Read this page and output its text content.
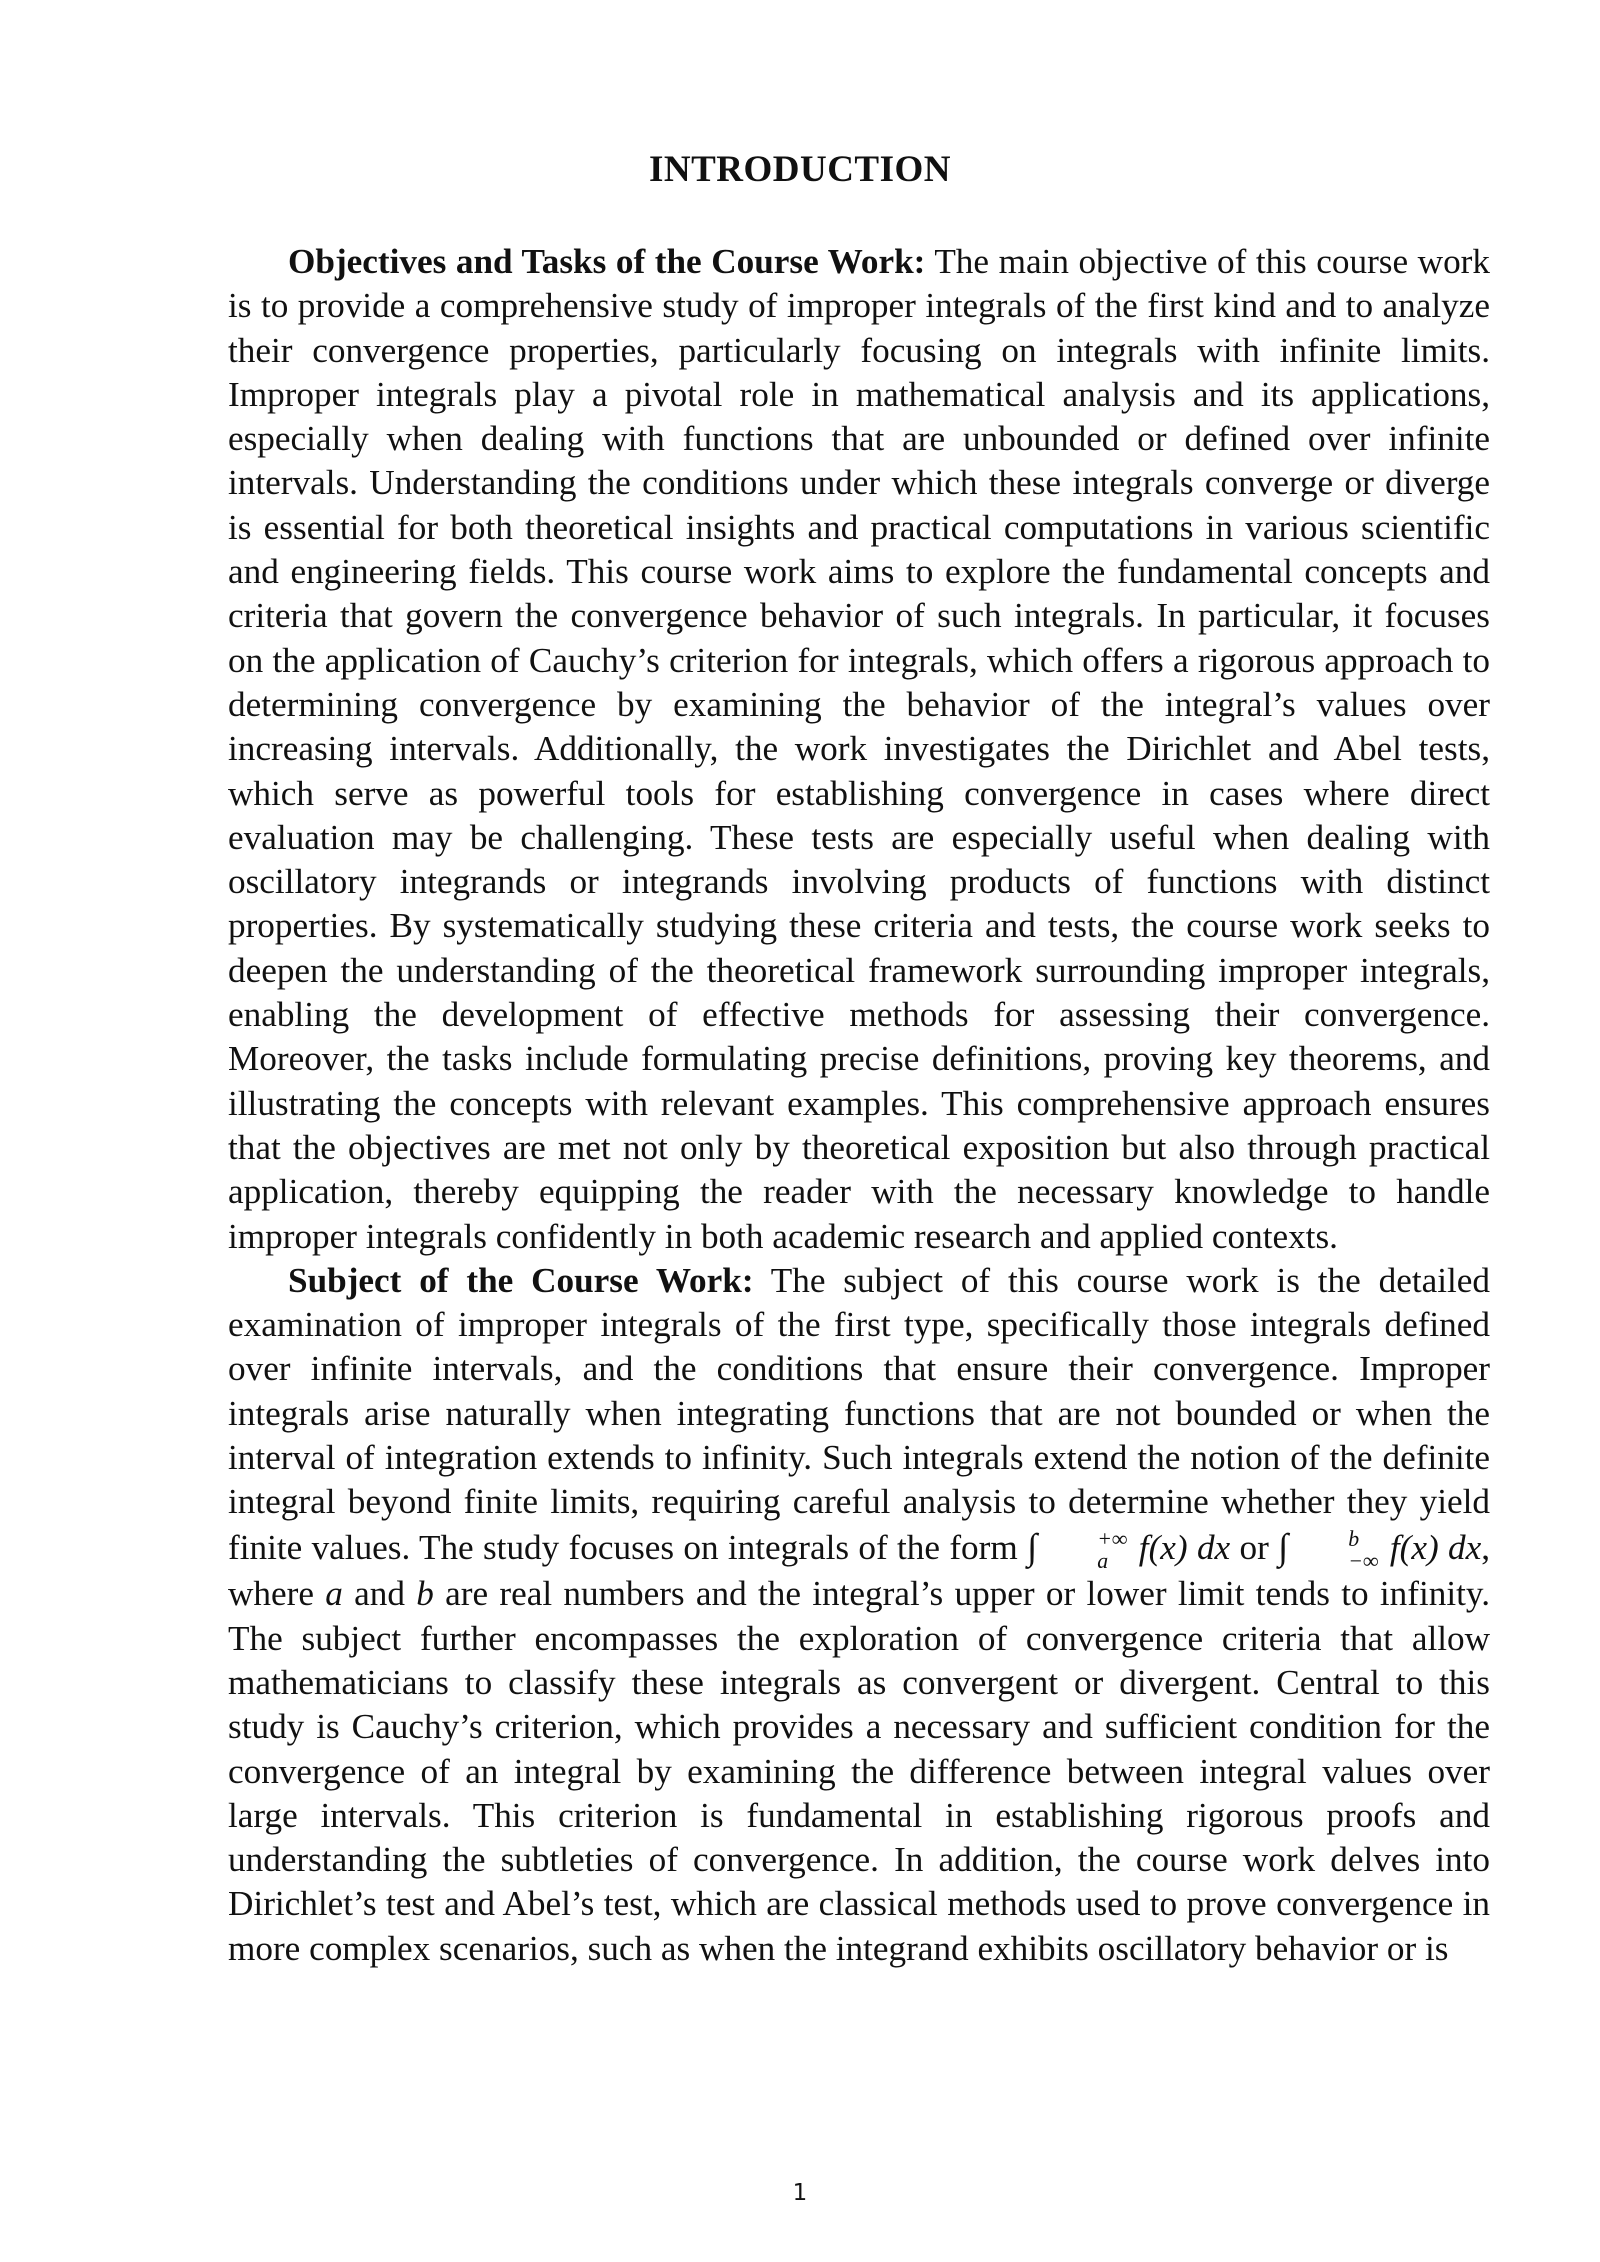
INTRODUCTION

Objectives and Tasks of the Course Work: The main objective of this course work is to provide a comprehensive study of improper integrals of the first kind and to analyze their convergence properties, particularly focusing on integrals with infinite limits. Improper integrals play a pivotal role in mathematical analysis and its applications, especially when dealing with functions that are unbounded or defined over infinite intervals. Understanding the conditions under which these integrals converge or diverge is essential for both theoretical insights and practical computations in various scientific and engineering fields. This course work aims to explore the fundamental concepts and criteria that govern the convergence behavior of such integrals. In particular, it focuses on the application of Cauchy’s criterion for integrals, which offers a rigorous approach to determining convergence by examining the behavior of the integral’s values over increasing intervals. Additionally, the work investigates the Dirichlet and Abel tests, which serve as powerful tools for establishing convergence in cases where direct evaluation may be challenging. These tests are especially useful when dealing with oscillatory integrands or integrands involving products of functions with distinct properties. By systematically studying these criteria and tests, the course work seeks to deepen the understanding of the theoretical framework surrounding improper integrals, enabling the development of effective methods for assessing their convergence. Moreover, the tasks include formulating precise definitions, proving key theorems, and illustrating the concepts with relevant examples. This comprehensive approach ensures that the objectives are met not only by theoretical exposition but also through practical application, thereby equipping the reader with the necessary knowledge to handle improper integrals confidently in both academic research and applied contexts.

Subject of the Course Work: The subject of this course work is the detailed examination of improper integrals of the first type, specifically those integrals defined over infinite intervals, and the conditions that ensure their convergence. Improper integrals arise naturally when integrating functions that are not bounded or when the interval of integration extends to infinity. Such integrals extend the notion of the definite integral beyond finite limits, requiring careful analysis to determine whether they yield finite values. The study focuses on integrals of the form ∫	+∞
a f(x) dx or ∫	b
−∞ f(x) dx, where a and b are real numbers and the integral’s upper or lower limit tends to infinity. The subject further encompasses the exploration of convergence criteria that allow mathematicians to classify these integrals as convergent or divergent. Central to this study is Cauchy’s criterion, which provides a necessary and sufficient condition for the convergence of an integral by examining the difference between integral values over large intervals. This criterion is fundamental in establishing rigorous proofs and understanding the subtleties of convergence. In addition, the course work delves into Dirichlet’s test and Abel’s test, which are classical methods used to prove convergence in more complex scenarios, such as when the integrand exhibits oscillatory behavior or is

1
